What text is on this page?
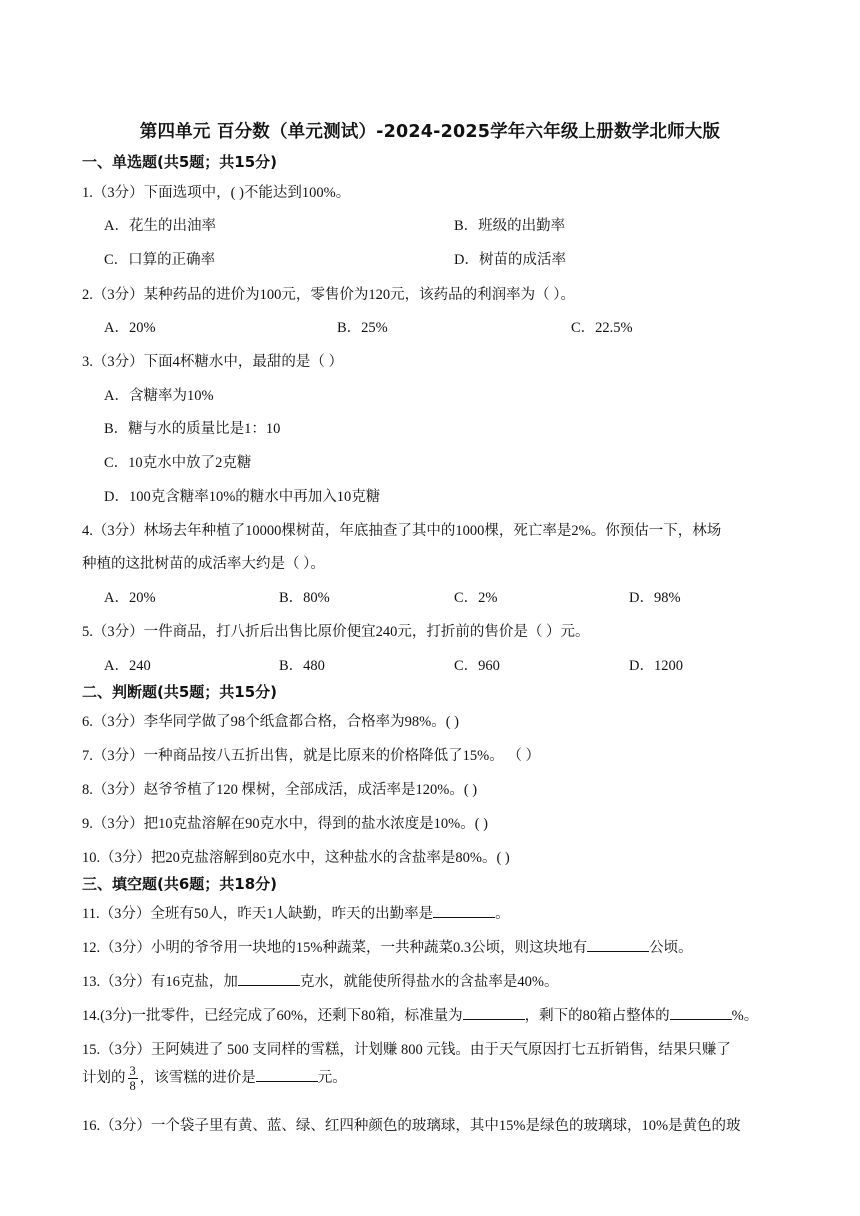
第四单元 百分数（单元测试）-2024-2025学年六年级上册数学北师大版
一、单选题(共5题；共15分)
1.（3分）下面选项中，( )不能达到100%。
A．花生的出油率	B．班级的出勤率
C．口算的正确率	D．树苗的成活率
2.（3分）某种药品的进价为100元，零售价为120元，该药品的利润率为（ ）。
A．20%	B．25%	C．22.5%
3.（3分）下面4杯糖水中，最甜的是（ ）
A．含糖率为10%
B．糖与水的质量比是1：10
C．10克水中放了2克糖
D．100克含糖率10%的糖水中再加入10克糖
4.（3分）林场去年种植了10000棵树苗，年底抽查了其中的1000棵，死亡率是2%。你预估一下，林场
种植的这批树苗的成活率大约是（ ）。
A．20%	B．80%	C．2%	D．98%
5.（3分）一件商品，打八折后出售比原价便宜240元，打折前的售价是（ ）元。
A．240	B．480	C．960	D．1200
二、判断题(共5题；共15分)
6.（3分）李华同学做了98个纸盒都合格，合格率为98%。( )
7.（3分）一种商品按八五折出售，就是比原来的价格降低了15%。 （ ）
8.（3分）赵爷爷植了120 棵树，全部成活，成活率是120%。( )
9.（3分）把10克盐溶解在90克水中，得到的盐水浓度是10%。( )
10.（3分）把20克盐溶解到80克水中，这种盐水的含盐率是80%。( )
三、填空题(共6题；共18分)
11.（3分）全班有50人，昨天1人缺勤，昨天的出勤率是	。
12.（3分）小明的爷爷用一块地的15%种蔬菜，一共种蔬菜0.3公顷，则这块地有	公顷。
13.（3分）有16克盐，加	克水，就能使所得盐水的含盐率是40%。
14.(3分)一批零件，已经完成了60%，还剩下80箱，标准量为	，剩下的80箱占整体的	%。
15.（3分）王阿姨进了 500 支同样的雪糕，计划赚 800 元钱。由于天气原因打七五折销售，结果只赚了
计划的 $\frac{3}{8}$ ，该雪糕的进价是	元。
16.（3分）一个袋子里有黄、蓝、绿、红四种颜色的玻璃球，其中15%是绿色的玻璃球，10%是黄色的玻
